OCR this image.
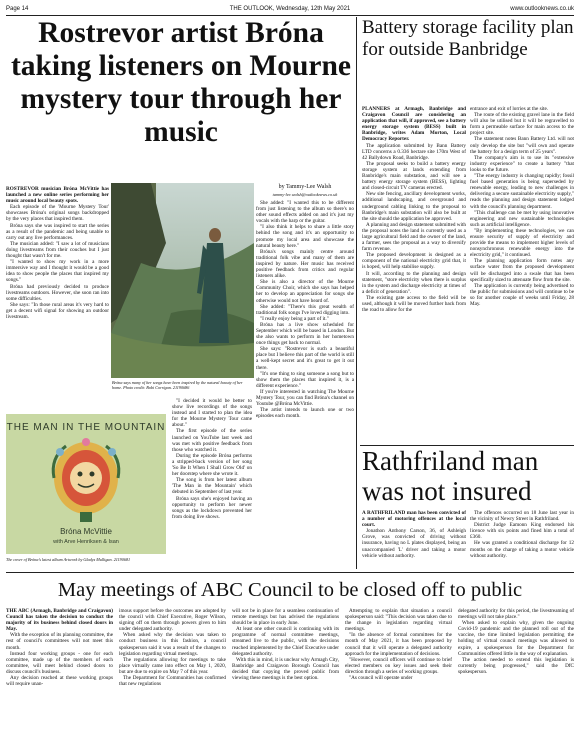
Page 14	THE OUTLOOK, Wednesday, 12th May 2021	www.outlooknews.co.uk
Rostrevor artist Bróna taking listeners on Mourne mystery tour through her music

ROSTREVOR musician Bróna McVittie has launched a new online series performing her music around local beauty spots.

Each episode of the 'Mourne Mystery Tour' showcases Bróna's original songs backdropped by the very places that inspired them.

Bróna says she was inspired to start the series as a result of the pandemic and being unable to carry out any live performances.

The musician added: "I saw a lot of musicians doing livestreams from their couches but I just thought that wasn't for me.

"I wanted to show my work in a more immersive way and I thought it would be a good idea to show people the places that inspired my songs."

Bróna had previously decided to produce livestreams outdoors. However, she soon ran into some difficulties.

She says: "In those rural areas it's very hard to get a decent wifi signal for showing an outdoor livestream.

Bróna says many of her songs have been inspired by the natural beauty of her home. Photo credit: Bobi Corrigan. 21190686

"I decided it would be better to show live recordings of the songs instead and I started to plan the idea for the Mourne Mystery Tour came about."

The first episode of the series launched on YouTube last week and was met with positive feedback from those who watched it.

During the episode Bróna performs a stripped-back version of her song 'So Be It When I Shall Grow Old' on her doorstep where she wrote it.

The song is from her latest album 'The Man in the Mountain' which debuted in September of last year.

Bróna says she's enjoyed having an opportunity to perform her newer songs as the lockdown prevented her from doing live shows.

by Tammy-Lee Walsh
tammy-lee.walsh@outlooknews.co.uk

She added: "I wanted this to be different from just listening to the album so there's no other sound effects added on and it's just my vocals with the harp or the guitar.

"I also think it helps to share a little story behind the song and it's an opportunity to promote my local area and showcase the natural beauty here."

Bróna's songs mainly centre around traditional folk vibe and many of them are inspired by nature. Her music has received positive feedback from critics and regular listeners alike.

She is also a director of the Mourne Community Choir, which she says has helped her to develop an appreciation for songs she otherwise would not have heard of.

She added: "There's this great wealth of traditional folk songs I've loved digging into.

"I really enjoy being a part of it."

Bróna has a live show scheduled for September which will be based in London. But she also wants to perform in her hometown once things get back to normal.

She says: "Rostrevor is such a beautiful place but I believe this part of the world is still a well-kept secret and it's great to get it out there.

"It's one thing to sing someone a song but to show them the places that inspired it, is a different experience."

If you're interested in watching The Mourne Mystery Tour, you can find Bróna's channel on Youtube @Bróna McVittie.

The artist intends to launch one or two episodes each month.

THE MAN IN THE MOUNTAIN
Bróna McVittie
with Arve Henriksen & Isan
The cover of Bróna's latest album Artwork by Gladys Mulligan. 21190681
Battery storage facility plan for outside Banbridge

PLANNERS at Armagh, Banbridge and Craigavon Council are considering an application that will, if approved, see a battery energy storage system (BESS) built in Banbridge, writes Adam Morton, Local Democracy Reporter.

The application submitted by Bann Battery LTD concerns a 0.336 hectare site 170m West of 42 Ballydown Road, Banbridge.

The proposal seeks to build a battery energy storage system at lands extending from Banbridge's main substation, and will see a battery energy storage system (BESS), lighting and closed-circuit TV cameras erected.

New site fencing, ancillary development works, additional landscaping, and overground and underground cabling linking to the proposal to Banbridge's main substation will also be built at the site should the application be approved.

A planning and design statement submitted with the proposal notes the land is currently used as a large agricultural field and the owner of the land, a farmer, sees the proposal as a way to diversify farm revenue.

The proposed development is designed as a component of the national electricity grid that, it is hoped, will help stabilise supply.

It will, according to the planning and design statement, "store electricity when there is surplus in the system and discharge electricity at times of a deficit of generation".

The existing gate access to the field will be used, although it will be moved further back from the road to allow for the

entrance and exit of lorries at the site.

The route of the existing gravel lane in the field will also be utilised but it will be regravelled to form a permeable surface for main access to the project site.

The statement notes Bann Battery Ltd. will not only develop the site but "will own and operate the battery for a design term of 25 years".

The company's aim is to use its "extensive industry experience" to create a battery "that looks to the future.

"The energy industry is changing rapidly; fossil fuel based generation is being superseded by renewable energy, leading to new challenges in delivering a secure sustainable electricity supply," reads the planning and design statement lodged with the council's planning department.

"This challenge can be met by using innovative engineering and new sustainable technologies such as artificial intelligence.

"By implementing these technologies, we can ensure security of supply of electricity and provide the means to implement higher levels of nonsynchronous renewable energy into the electricity grid," it continued.

The planning application form notes any surface water from the proposed development will be discharged into a swale that has been specifically sized to attenuate flow from the site.

The application is currently being advertised to the public for submissions and will continue to be so for another couple of weeks until Friday, 28 May.

Rathfriland man was not insured

A RATHFRILAND man has been convicted of a number of motoring offences at the local court.

Jonathon Anthony Carson, 36, of Ashleigh Grove, was convicted of driving without insurance, having no L plates displayed, being an unaccompanied 'L' driver and taking a motor vehicle without authority.

The offences occurred on 18 June last year in the vicinity of Newry Street in Rathfriland.

District Judge Eamonn King endorsed his licence with six points and fined him a total of £360.

He was granted a conditional discharge for 12 months on the charge of taking a motor vehicle without authority.

May meetings of ABC Council to be closed off to public

THE ABC (Armagh, Banbridge and Craigavon) Council has taken the decision to conduct the majority of its business behind closed doors in May.

With the exception of its planning committee, the rest of council's committees will not meet this month.

Instead four working groups - one for each committee, made up of the members of each committee, will meet behind closed doors to discuss council's business.

Any decision reached at these working groups will require unan-

imous support before the outcomes are adopted by the council with Chief Executive, Roger Wilson, signing off on them through powers given to him under delegated authority.

When asked why the decision was taken to conduct business in this fashion, a council spokesperson said it was a result of the changes to legislation regarding virtual meetings.

The regulations allowing for meetings to take place virtually came into effect on May 1, 2020, but are due to expire on May 7 of this year.

The Department for Communities has confirmed that new regulations

will not be in place for a seamless continuation of remote meetings but has advised the regulations should be in place in early June.

At least one other council is continuing with its programme of normal committee meetings, streamed live to the public, with the decisions reached implemented by the Chief Executive under delegated authority.

With this in mind, it is unclear why Armagh City, Banbridge and Craigavon Borough Council has decided that copying the proved public from viewing these meetings is the best option.

Attempting to explain that situation a council spokesperson said: "This decision was taken due to the change in legislation regarding virtual meetings.

"In the absence of formal committees for the month of May 2021, it has been proposed by council that it will operate a delegated authority approach for the implementation of decisions.

"However, council officers will continue to brief elected members on key issues and seek their direction through a series of working groups.

"As council will operate under

delegated authority for this period, the livestreaming of meetings will not take place."

When asked to explain why, given the ongoing Covid-19 pandemic and the planned roll out of the vaccine, the time limited legislation permitting the holding of virtual council meetings was allowed to expire, a spokesperson for the Department for Communities offered little in the way of explanation.

The action needed to extend this legislation is currently being progressed," said the DfC spokesperson.
